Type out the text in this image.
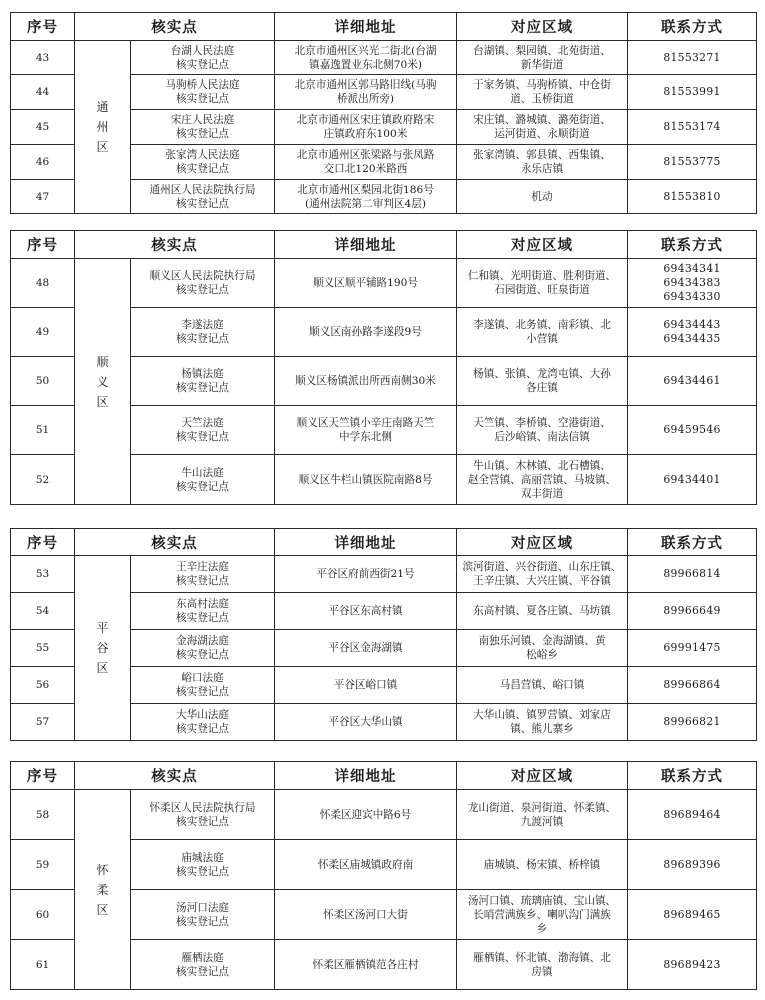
序号	核实点		详细地址	对应区域	联系方式
43	通
州
区	台湖人民法庭
核实登记点	北京市通州区兴光二街北(台湖
镇嘉逸置业东北侧70米)	台湖镇、梨园镇、北苑街道、
新华街道	81553271

44		马驹桥人民法庭
核实登记点	北京市通州区郭马路旧线(马驹
桥派出所旁)	于家务镇、马驹桥镇、中仓街
道、玉桥街道	81553991

45		宋庄人民法庭
核实登记点	北京市通州区宋庄镇政府路宋
庄镇政府东100米	宋庄镇、潞城镇、潞苑街道、
运河街道、永顺街道	81553174

46		张家湾人民法庭
核实登记点	北京市通州区张梁路与张凤路
交口北120米路西	张家湾镇、郭县镇、西集镇、
永乐店镇	81553775

47		通州区人民法院执行局
核实登记点	北京市通州区梨园北街186号
(通州法院第二审判区4层)	机动	81553810
序号	核实点		详细地址	对应区域	联系方式
48	顺
义
区	顺义区人民法院执行局
核实登记点	顺义区顺平辅路190号	仁和镇、光明街道、胜利街道、
石园街道、旺泉街道	69434341
69434383
69434330

49		李遂法庭
核实登记点	顺义区南孙路李遂段9号	李遂镇、北务镇、南彩镇、北
小营镇	69434443
69434435

50		杨镇法庭
核实登记点	顺义区杨镇派出所西南侧30米	杨镇、张镇、龙湾屯镇、大孙
各庄镇	69434461

51		天竺法庭
核实登记点	顺义区天竺镇小辛庄南路天竺
中学东北侧	天竺镇、李桥镇、空港街道、
后沙峪镇、南法信镇	69459546

52		牛山法庭
核实登记点	顺义区牛栏山镇医院南路8号	牛山镇、木林镇、北石槽镇、
赵全营镇、高丽营镇、马坡镇、
双丰街道	69434401
序号	核实点		详细地址	对应区域	联系方式
53	平
谷
区	王辛庄法庭
核实登记点	平谷区府前西街21号	滨河街道、兴谷街道、山东庄镇、
王辛庄镇、大兴庄镇、平谷镇	89966814

54		东高村法庭
核实登记点	平谷区东高村镇	东高村镇、夏各庄镇、马坊镇	89966649

55		金海湖法庭
核实登记点	平谷区金海湖镇	南独乐河镇、金海湖镇、黄
松峪乡	69991475

56		峪口法庭
核实登记点	平谷区峪口镇	马昌营镇、峪口镇	89966864

57		大华山法庭
核实登记点	平谷区大华山镇	大华山镇、镇罗营镇、刘家店
镇、熊儿寨乡	89966821
序号	核实点		详细地址	对应区域	联系方式
58	怀
柔
区	怀柔区人民法院执行局
核实登记点	怀柔区迎宾中路6号	龙山街道、泉河街道、怀柔镇、
九渡河镇	89689464

59		庙城法庭
核实登记点	怀柔区庙城镇政府南	庙城镇、杨宋镇、桥梓镇	89689396

60		汤河口法庭
核实登记点	怀柔区汤河口大街	汤河口镇、琉璃庙镇、宝山镇、
长哨营满族乡、喇叭沟门满族
乡	89689465

61		雁栖法庭
核实登记点	怀柔区雁栖镇范各庄村	雁栖镇、怀北镇、渤海镇、北
房镇	89689423
